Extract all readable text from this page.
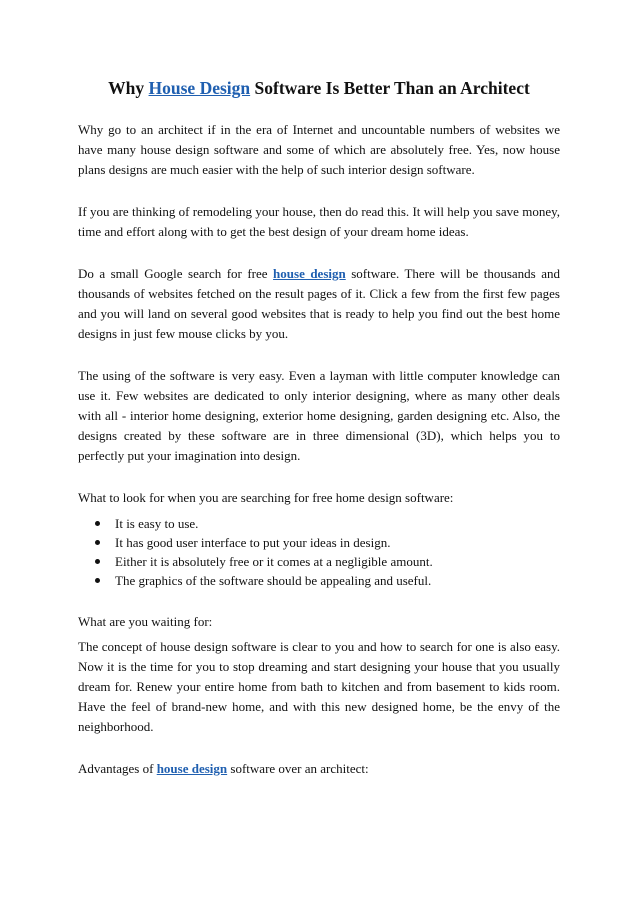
Why House Design Software Is Better Than an Architect

Why go to an architect if in the era of Internet and uncountable numbers of websites we have many house design software and some of which are absolutely free. Yes, now house plans designs are much easier with the help of such interior design software.

If you are thinking of remodeling your house, then do read this. It will help you save money, time and effort along with to get the best design of your dream home ideas.

Do a small Google search for free house design software. There will be thousands and thousands of websites fetched on the result pages of it. Click a few from the first few pages and you will land on several good websites that is ready to help you find out the best home designs in just few mouse clicks by you.

The using of the software is very easy. Even a layman with little computer knowledge can use it. Few websites are dedicated to only interior designing, where as many other deals with all - interior home designing, exterior home designing, garden designing etc. Also, the designs created by these software are in three dimensional (3D), which helps you to perfectly put your imagination into design.

What to look for when you are searching for free home design software:

It is easy to use.
It has good user interface to put your ideas in design.
Either it is absolutely free or it comes at a negligible amount.
The graphics of the software should be appealing and useful.

What are you waiting for:

The concept of house design software is clear to you and how to search for one is also easy. Now it is the time for you to stop dreaming and start designing your house that you usually dream for. Renew your entire home from bath to kitchen and from basement to kids room. Have the feel of brand-new home, and with this new designed home, be the envy of the neighborhood.

Advantages of house design software over an architect:
